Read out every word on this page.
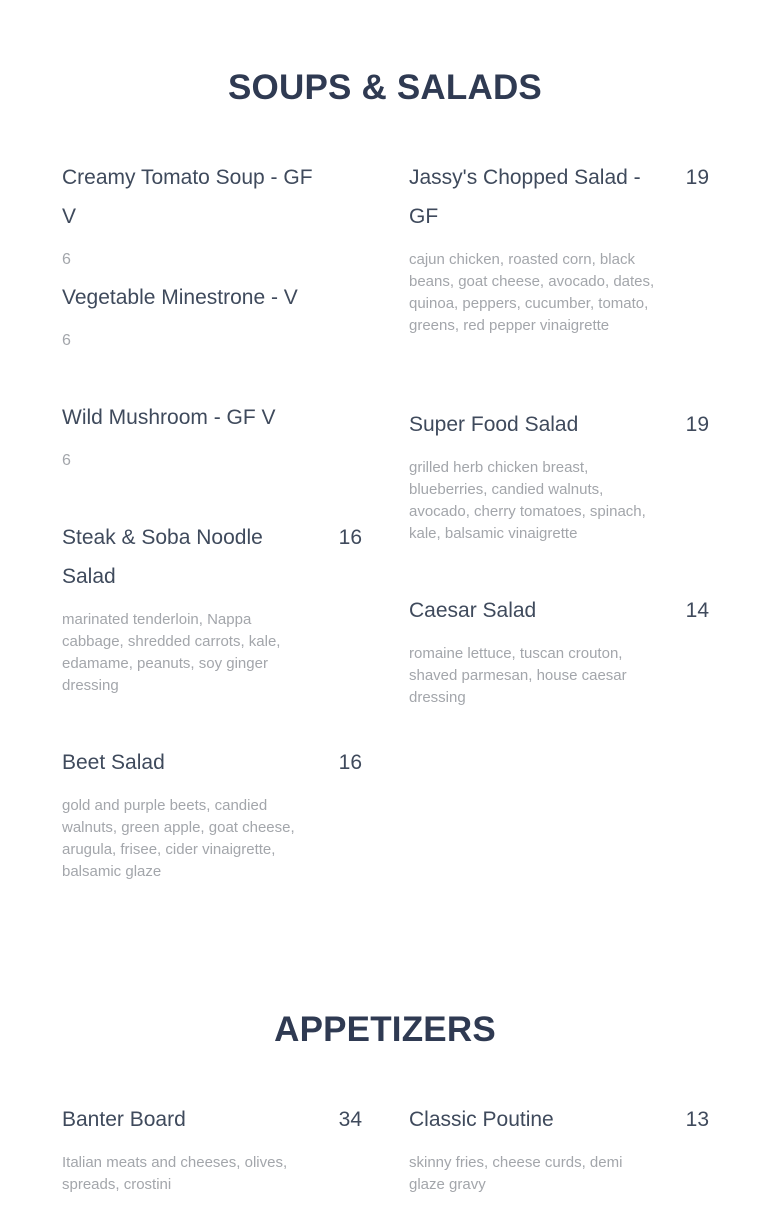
SOUPS & SALADS
Creamy Tomato Soup - GF V
6
Vegetable Minestrone - V
6
Wild Mushroom - GF V
6
Steak & Soba Noodle Salad
16
marinated tenderloin, Nappa cabbage, shredded carrots, kale, edamame, peanuts, soy ginger dressing
Beet Salad	16
gold and purple beets, candied walnuts, green apple, goat cheese, arugula, frisee, cider vinaigrette, balsamic glaze
Jassy's Chopped Salad - GF
19
cajun chicken, roasted corn, black beans, goat cheese, avocado, dates, quinoa, peppers, cucumber, tomato, greens, red pepper vinaigrette
Super Food Salad	19
grilled herb chicken breast, blueberries, candied walnuts, avocado, cherry tomatoes, spinach, kale, balsamic vinaigrette
Caesar Salad	14
romaine lettuce, tuscan crouton, shaved parmesan, house caesar dressing
APPETIZERS
Banter Board	34
Italian meats and cheeses, olives, spreads, crostini
Classic Poutine	13
skinny fries, cheese curds, demi glaze gravy
